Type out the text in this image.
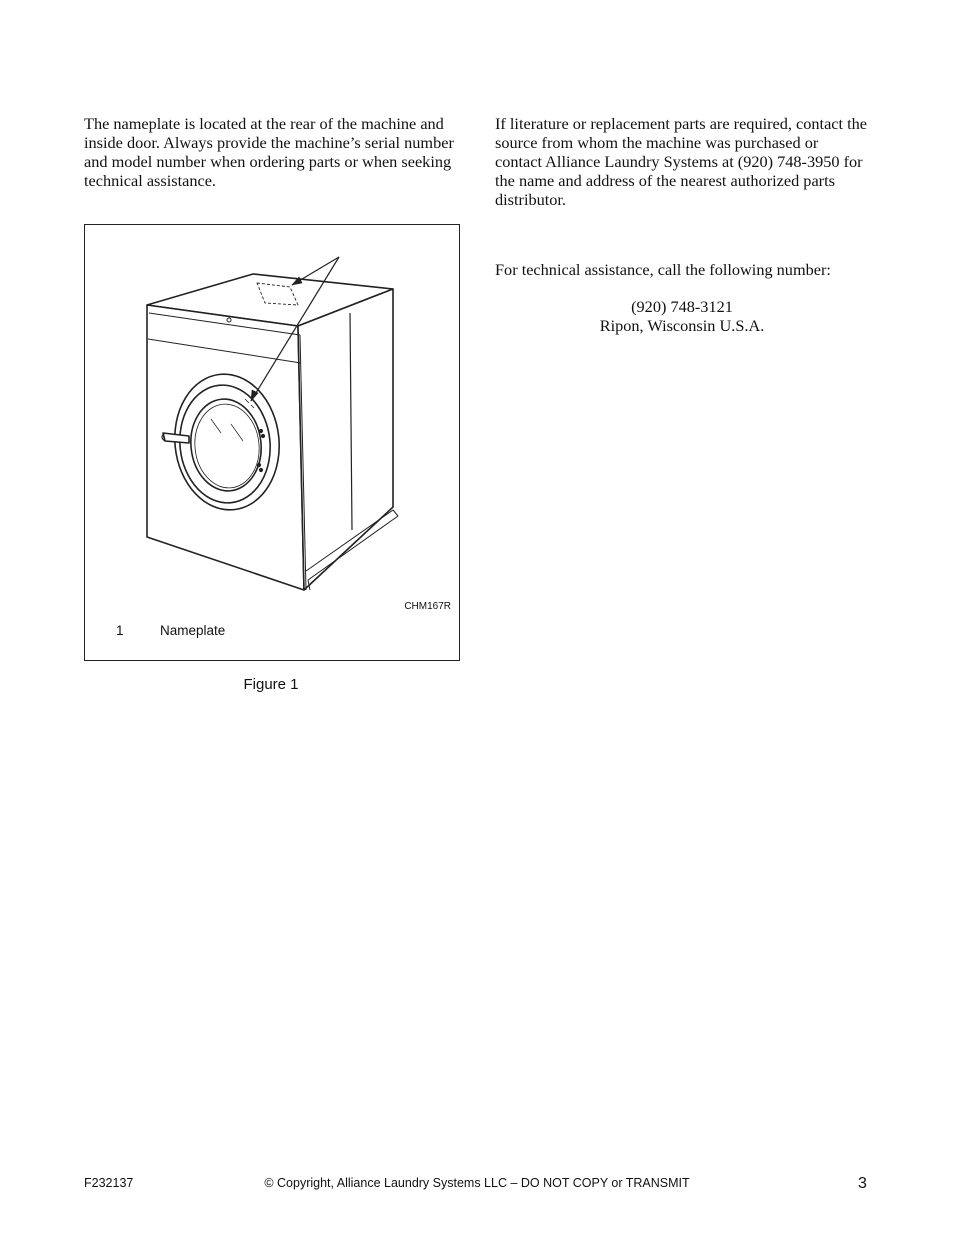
The nameplate is located at the rear of the machine and inside door. Always provide the machine’s serial number and model number when ordering parts or when seeking technical assistance.

CHM167R
1	Nameplate
Figure 1

If literature or replacement parts are required, contact the source from whom the machine was purchased or contact Alliance Laundry Systems at (920) 748-3950 for the name and address of the nearest authorized parts distributor.

For technical assistance, call the following number:
(920) 748-3121
Ripon, Wisconsin U.S.A.
F232137	© Copyright, Alliance Laundry Systems LLC – DO NOT COPY or TRANSMIT	3
